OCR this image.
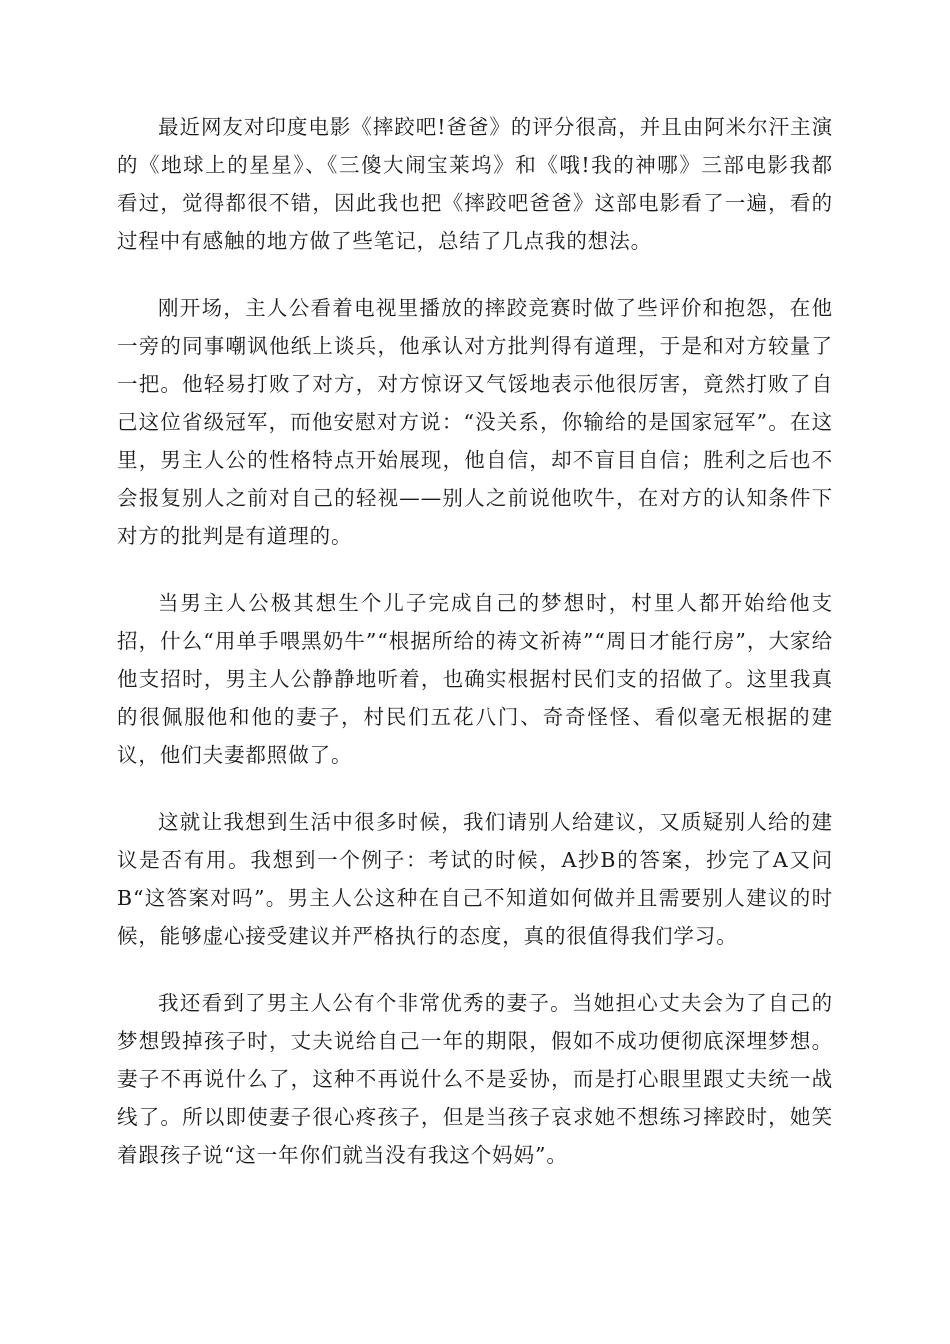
最近网友对印度电影《摔跤吧!爸爸》的评分很高，并且由阿米尔汗主演的《地球上的星星》、《三傻大闹宝莱坞》和《哦!我的神哪》三部电影我都看过，觉得都很不错，因此我也把《摔跤吧爸爸》这部电影看了一遍，看的过程中有感触的地方做了些笔记，总结了几点我的想法。

刚开场，主人公看着电视里播放的摔跤竞赛时做了些评价和抱怨，在他一旁的同事嘲讽他纸上谈兵，他承认对方批判得有道理，于是和对方较量了一把。他轻易打败了对方，对方惊讶又气馁地表示他很厉害，竟然打败了自己这位省级冠军，而他安慰对方说：“没关系，你输给的是国家冠军”。在这里，男主人公的性格特点开始展现，他自信，却不盲目自信；胜利之后也不会报复别人之前对自己的轻视——别人之前说他吹牛，在对方的认知条件下对方的批判是有道理的。

当男主人公极其想生个儿子完成自己的梦想时，村里人都开始给他支招，什么“用单手喂黑奶牛”“根据所给的祷文祈祷”“周日才能行房”，大家给他支招时，男主人公静静地听着，也确实根据村民们支的招做了。这里我真的很佩服他和他的妻子，村民们五花八门、奇奇怪怪、看似毫无根据的建议，他们夫妻都照做了。

这就让我想到生活中很多时候，我们请别人给建议，又质疑别人给的建议是否有用。我想到一个例子：考试的时候，A抄B的答案，抄完了A又问B“这答案对吗”。男主人公这种在自己不知道如何做并且需要别人建议的时候，能够虚心接受建议并严格执行的态度，真的很值得我们学习。

我还看到了男主人公有个非常优秀的妻子。当她担心丈夫会为了自己的梦想毁掉孩子时，丈夫说给自己一年的期限，假如不成功便彻底深埋梦想。妻子不再说什么了，这种不再说什么不是妥协，而是打心眼里跟丈夫统一战线了。所以即使妻子很心疼孩子，但是当孩子哀求她不想练习摔跤时，她笑着跟孩子说“这一年你们就当没有我这个妈妈”。
